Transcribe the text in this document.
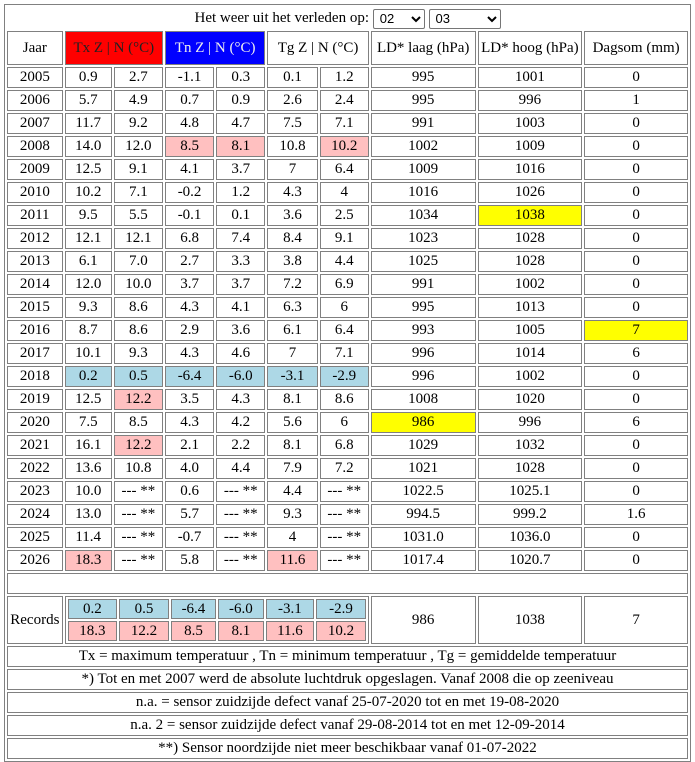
Het weer uit het verleden op:
02
03
Jaar	Tx Z | N (°C)	Tn Z | N (°C)	Tg Z | N (°C)	LD* laag (hPa)	LD* hoog (hPa)	Dagsom (mm)
2005	0.9	2.7	-1.1	0.3	0.1	1.2	995	1001	0
2006	5.7	4.9	0.7	0.9	2.6	2.4	995	996	1
2007	11.7	9.2	4.8	4.7	7.5	7.1	991	1003	0
2008	14.0	12.0	8.5	8.1	10.8	10.2	1002	1009	0
2009	12.5	9.1	4.1	3.7	7	6.4	1009	1016	0
2010	10.2	7.1	-0.2	1.2	4.3	4	1016	1026	0
2011	9.5	5.5	-0.1	0.1	3.6	2.5	1034	1038	0
2012	12.1	12.1	6.8	7.4	8.4	9.1	1023	1028	0
2013	6.1	7.0	2.7	3.3	3.8	4.4	1025	1028	0
2014	12.0	10.0	3.7	3.7	7.2	6.9	991	1002	0
2015	9.3	8.6	4.3	4.1	6.3	6	995	1013	0
2016	8.7	8.6	2.9	3.6	6.1	6.4	993	1005	7
2017	10.1	9.3	4.3	4.6	7	7.1	996	1014	6
2018	0.2	0.5	-6.4	-6.0	-3.1	-2.9	996	1002	0
2019	12.5	12.2	3.5	4.3	8.1	8.6	1008	1020	0
2020	7.5	8.5	4.3	4.2	5.6	6	986	996	6
2021	16.1	12.2	2.1	2.2	8.1	6.8	1029	1032	0
2022	13.6	10.8	4.0	4.4	7.9	7.2	1021	1028	0
2023	10.0	--- **	0.6	--- **	4.4	--- **	1022.5	1025.1	0
2024	13.0	--- **	5.7	--- **	9.3	--- **	994.5	999.2	1.6
2025	11.4	--- **	-0.7	--- **	4	--- **	1031.0	1036.0	0
2026	18.3	--- **	5.8	--- **	11.6	--- **	1017.4	1020.7	0

Records	
0.2	0.5	-6.4	-6.0	-3.1	-2.9
18.3	12.2	8.5	8.1	11.6	10.2
	986	1038	7
Tx = maximum temperatuur , Tn = minimum temperatuur , Tg = gemiddelde temperatuur
*) Tot en met 2007 werd de absolute luchtdruk opgeslagen. Vanaf 2008 die op zeeniveau
n.a. = sensor zuidzijde defect vanaf 25-07-2020 tot en met 19-08-2020
n.a. 2 = sensor zuidzijde defect vanaf 29-08-2014 tot en met 12-09-2014
**) Sensor noordzijde niet meer beschikbaar vanaf 01-07-2022
